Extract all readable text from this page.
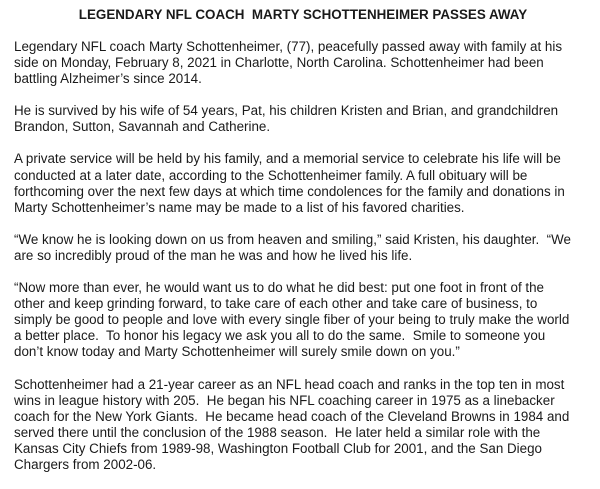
LEGENDARY NFL COACH  MARTY SCHOTTENHEIMER PASSES AWAY
Legendary NFL coach Marty Schottenheimer, (77), peacefully passed away with family at his
side on Monday, February 8, 2021 in Charlotte, North Carolina. Schottenheimer had been
battling Alzheimer’s since 2014.
He is survived by his wife of 54 years, Pat, his children Kristen and Brian, and grandchildren
Brandon, Sutton, Savannah and Catherine.
A private service will be held by his family, and a memorial service to celebrate his life will be
conducted at a later date, according to the Schottenheimer family. A full obituary will be
forthcoming over the next few days at which time condolences for the family and donations in
Marty Schottenheimer’s name may be made to a list of his favored charities.
“We know he is looking down on us from heaven and smiling,” said Kristen, his daughter.  “We
are so incredibly proud of the man he was and how he lived his life.
“Now more than ever, he would want us to do what he did best: put one foot in front of the
other and keep grinding forward, to take care of each other and take care of business, to
simply be good to people and love with every single fiber of your being to truly make the world
a better place.  To honor his legacy we ask you all to do the same.  Smile to someone you
don’t know today and Marty Schottenheimer will surely smile down on you.”
Schottenheimer had a 21-year career as an NFL head coach and ranks in the top ten in most
wins in league history with 205.  He began his NFL coaching career in 1975 as a linebacker
coach for the New York Giants.  He became head coach of the Cleveland Browns in 1984 and
served there until the conclusion of the 1988 season.  He later held a similar role with the
Kansas City Chiefs from 1989-98, Washington Football Club for 2001, and the San Diego
Chargers from 2002-06.
